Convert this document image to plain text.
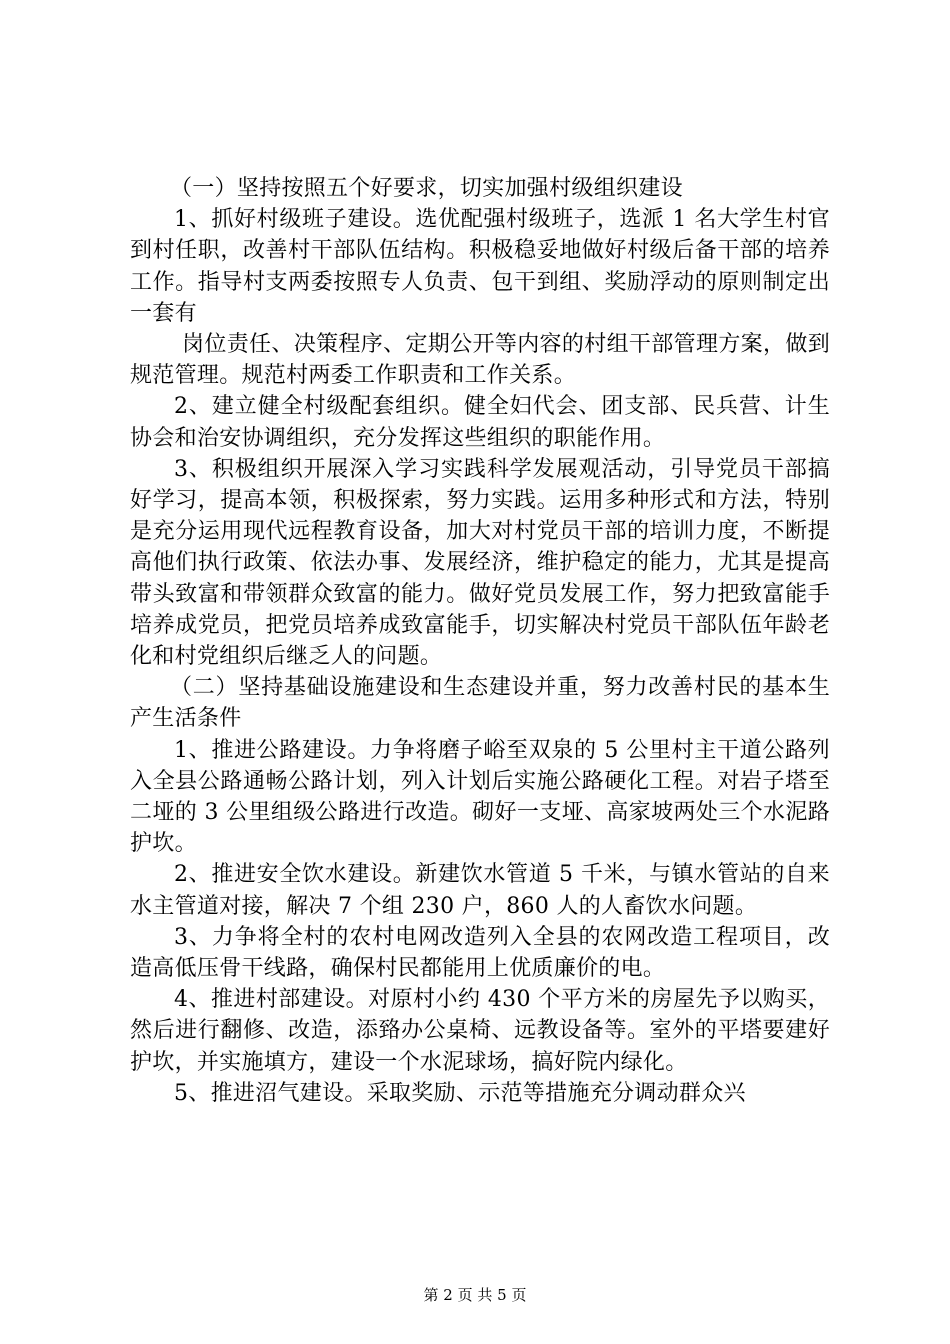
（一）坚持按照五个好要求，切实加强村级组织建设

1、抓好村级班子建设。选优配强村级班子，选派 1 名大学生村官到村任职，改善村干部队伍结构。积极稳妥地做好村级后备干部的培养工作。指导村支两委按照专人负责、包干到组、奖励浮动的原则制定出一套有

岗位责任、决策程序、定期公开等内容的村组干部管理方案，做到规范管理。规范村两委工作职责和工作关系。

2、建立健全村级配套组织。健全妇代会、团支部、民兵营、计生协会和治安协调组织，充分发挥这些组织的职能作用。

3、积极组织开展深入学习实践科学发展观活动，引导党员干部搞好学习，提高本领，积极探索，努力实践。运用多种形式和方法，特别是充分运用现代远程教育设备，加大对村党员干部的培训力度，不断提高他们执行政策、依法办事、发展经济，维护稳定的能力，尤其是提高带头致富和带领群众致富的能力。做好党员发展工作，努力把致富能手培养成党员，把党员培养成致富能手，切实解决村党员干部队伍年龄老化和村党组织后继乏人的问题。

（二）坚持基础设施建设和生态建设并重，努力改善村民的基本生产生活条件

1、推进公路建设。力争将磨子峪至双泉的 5 公里村主干道公路列入全县公路通畅公路计划，列入计划后实施公路硬化工程。对岩子塔至二垭的 3 公里组级公路进行改造。砌好一支垭、高家坡两处三个水泥路护坎。

2、推进安全饮水建设。新建饮水管道 5 千米，与镇水管站的自来水主管道对接，解决 7 个组 230 户，860 人的人畜饮水问题。

3、力争将全村的农村电网改造列入全县的农网改造工程项目，改造高低压骨干线路，确保村民都能用上优质廉价的电。

4、推进村部建设。对原村小约 430 个平方米的房屋先予以购买，然后进行翻修、改造，添臵办公桌椅、远教设备等。室外的平塔要建好护坎，并实施填方，建设一个水泥球场，搞好院内绿化。

5、推进沼气建设。采取奖励、示范等措施充分调动群众兴

第 2 页 共 5 页
